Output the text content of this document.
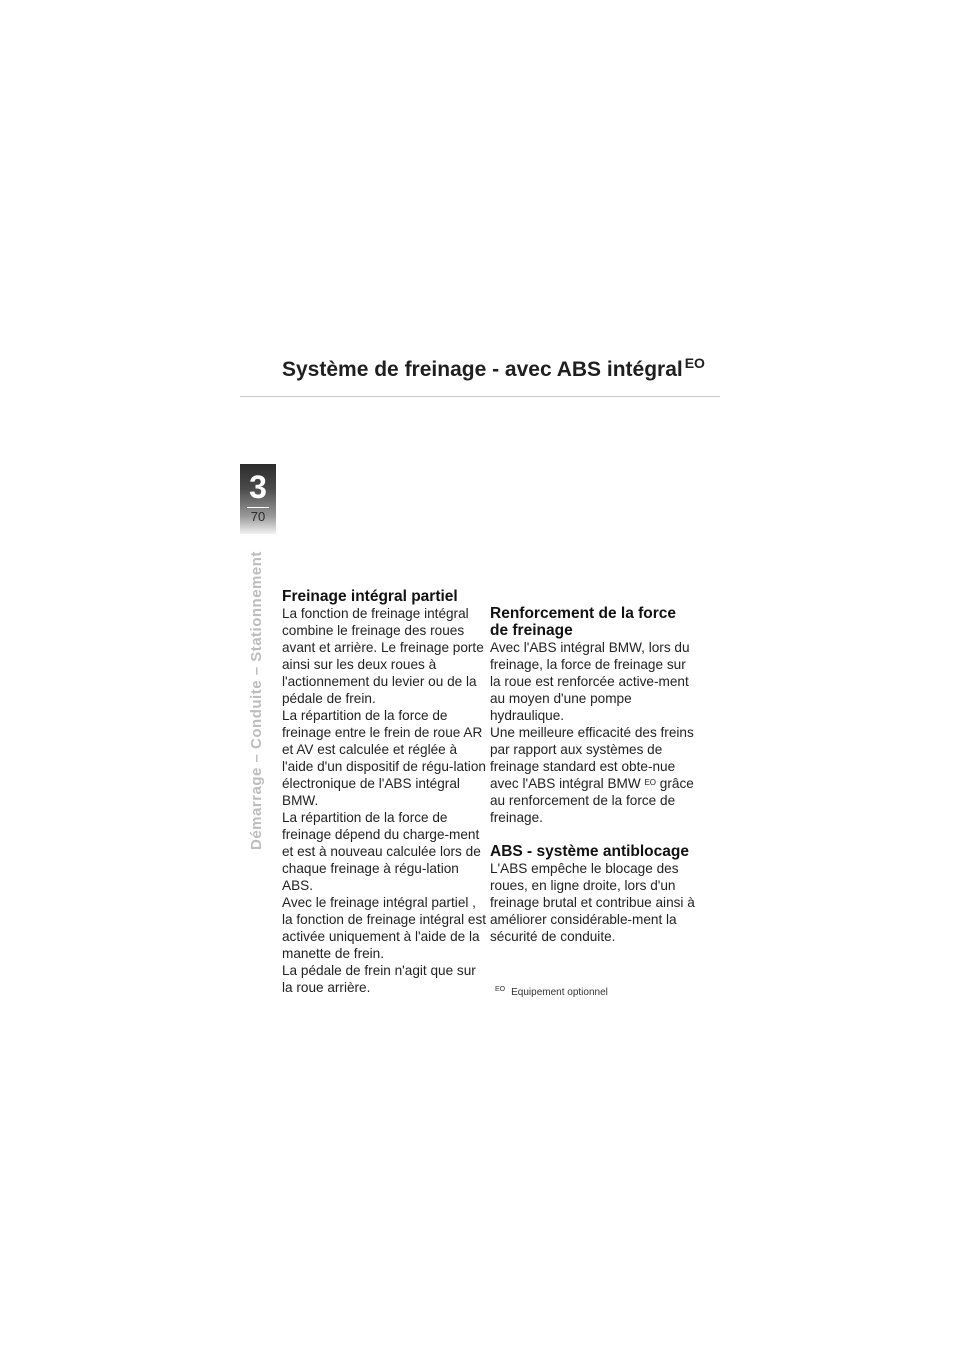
Système de freinage - avec ABS intégral $^{EO}$
3
70
Démarrage – Conduite – Stationnement Freinage intégral partiel

La fonction de freinage intégral combine le freinage des roues avant et arrière. Le freinage porte ainsi sur les deux roues à l'actionnement du levier ou de la pédale de frein.

La répartition de la force de freinage entre le frein de roue AR et AV est calculée et réglée à l'aide d'un dispositif de régu-lation électronique de l'ABS intégral BMW.

La répartition de la force de freinage dépend du charge-ment et est à nouveau calculée lors de chaque freinage à régu-lation ABS.

Avec le freinage intégral partiel , la fonction de freinage intégral est activée uniquement à l'aide de la manette de frein.

La pédale de frein n'agit que sur la roue arrière.

Renforcement de la force de freinage

Avec l'ABS intégral BMW, lors du freinage, la force de freinage sur la roue est renforcée active-ment au moyen d'une pompe hydraulique.

Une meilleure efficacité des freins par rapport aux systèmes de freinage standard est obte-nue avec l'ABS intégral BMW $^{EO}$ grâce au renforcement de la force de freinage.

ABS - système antiblocage

L'ABS empêche le blocage des roues, en ligne droite, lors d'un freinage brutal et contribue ainsi à améliorer considérable-ment la sécurité de conduite.

$^{EO}$ Equipement optionnel
